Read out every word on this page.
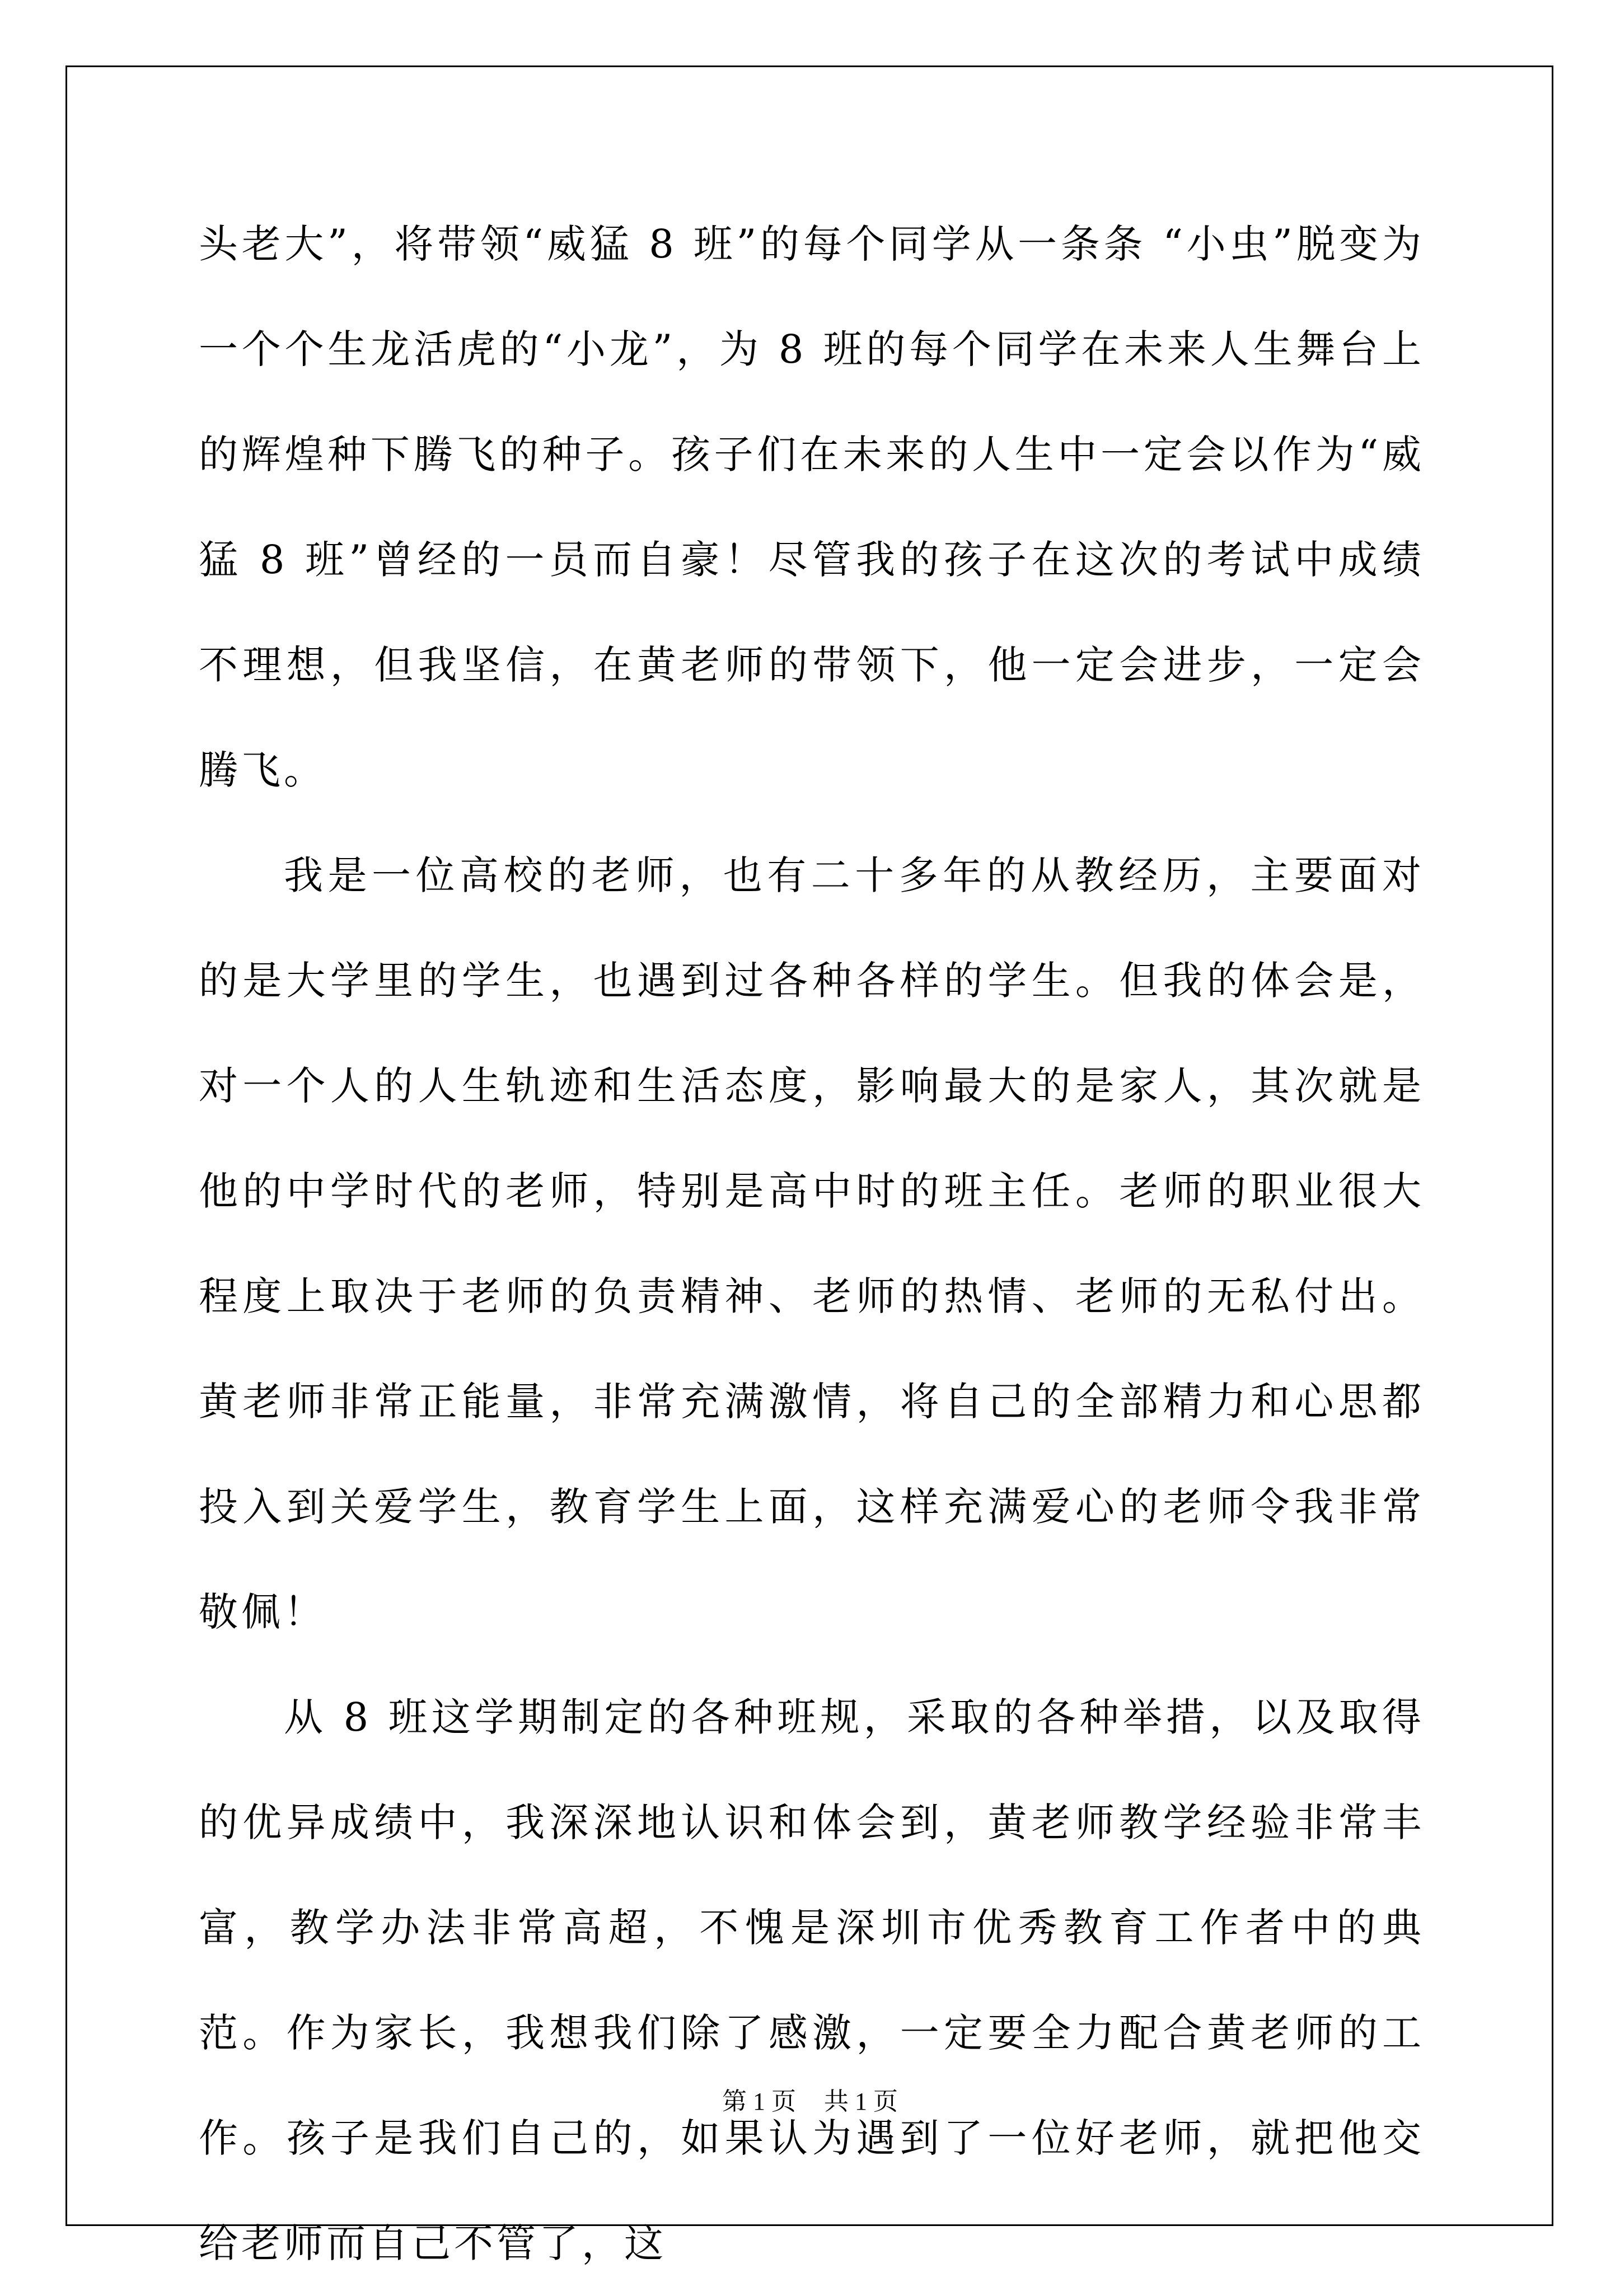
头老大”，将带领“威猛 8 班”的每个同学从一条条 “小虫”脱变为一个个生龙活虎的“小龙”，为 8 班的每个同学在未来人生舞台上的辉煌种下腾飞的种子。孩子们在未来的人生中一定会以作为“威猛 8 班”曾经的一员而自豪！尽管我的孩子在这次的考试中成绩不理想，但我坚信，在黄老师的带领下，他一定会进步，一定会腾飞。

我是一位高校的老师，也有二十多年的从教经历，主要面对的是大学里的学生，也遇到过各种各样的学生。但我的体会是，对一个人的人生轨迹和生活态度，影响最大的是家人，其次就是他的中学时代的老师，特别是高中时的班主任。老师的职业很大程度上取决于老师的负责精神、老师的热情、老师的无私付出。黄老师非常正能量，非常充满激情，将自己的全部精力和心思都投入到关爱学生，教育学生上面，这样充满爱心的老师令我非常敬佩！

从 8 班这学期制定的各种班规，采取的各种举措，以及取得的优异成绩中，我深深地认识和体会到，黄老师教学经验非常丰富，教学办法非常高超，不愧是深圳市优秀教育工作者中的典范。作为家长，我想我们除了感激，一定要全力配合黄老师的工作。孩子是我们自己的，如果认为遇到了一位好老师，就把他交给老师而自己不管了，这

第 1 页 共 1 页
